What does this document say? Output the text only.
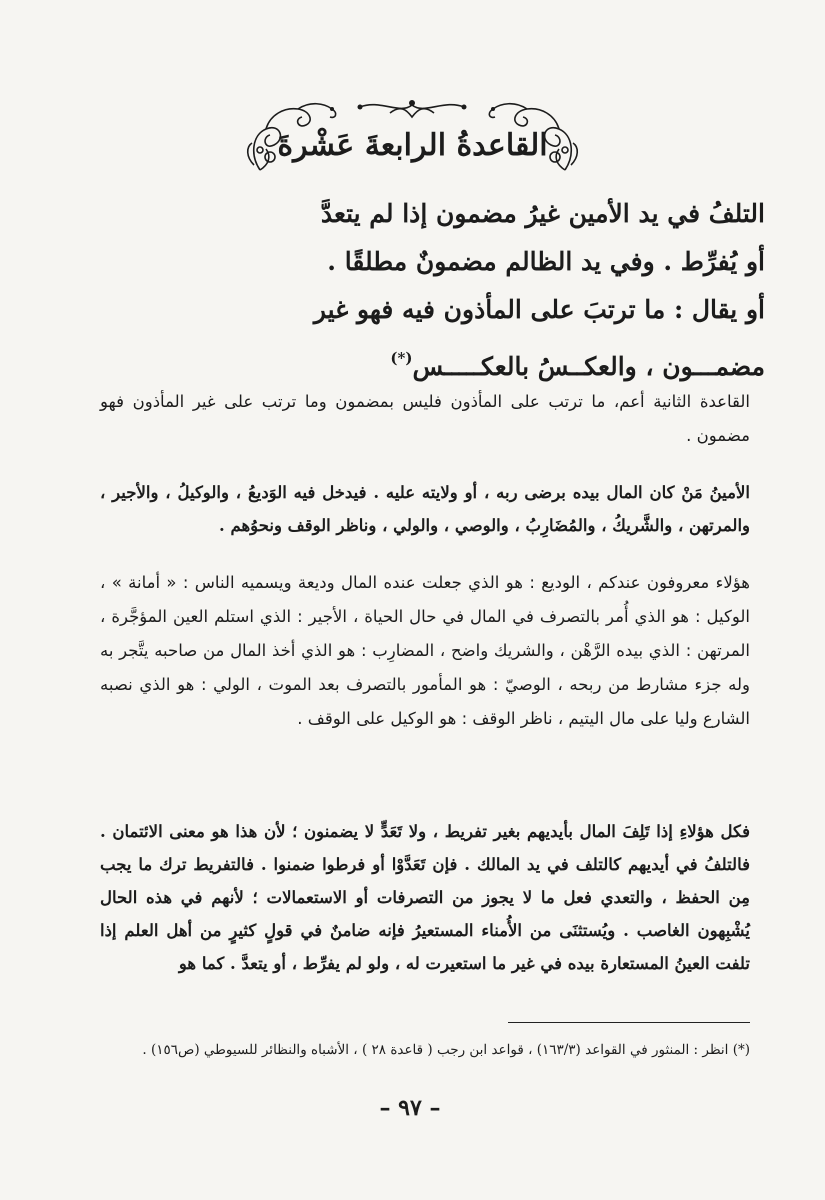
القاعدةُ الرابعةَ عَشْرةَ
التلفُ في يد الأمين غيرُ مضمون إذا لم يتعدَّ
أو يُفرِّط . وفي يد الظالم مضمونٌ مطلقًا .
أو يقال : ما ترتبَ على المأذون فيه فهو غير
مضمـــون ، والعكــسُ بالعكـــــس(*)
القاعدة الثانية أعم، ما ترتب على المأذون فليس بمضمون وما ترتب على غير المأذون فهو مضمون .
الأمينُ مَنْ كان المال بيده برضى ربه ، أو ولايته عليه . فيدخل فيه الوَديعُ ، والوكيلُ ، والأجير ، والمرتهن ، والشَّريكُ ، والمُضَارِبُ ، والوصي ، والولي ، وناظر الوقف ونحوُهم .
هؤلاء معروفون عندكم ، الوديع : هو الذي جعلت عنده المال وديعة ويسميه الناس : « أمانة » ، الوكيل : هو الذي أُمر بالتصرف في المال في حال الحياة ، الأجير : الذي استلم العين المؤجَّرة ، المرتهن : الذي بيده الرَّهْن ، والشريك واضح ، المضارِب : هو الذي أخذ المال من صاحبه يتَّجر به وله جزء مشارط من ربحه ، الوصيّ : هو المأمور بالتصرف بعد الموت ، الولي : هو الذي نصبه الشارع وليا على مال اليتيم ، ناظر الوقف : هو الوكيل على الوقف .
فكل هؤلاءِ إذا تَلِفَ المال بأيديهم بغير تفريط ، ولا تَعَدٍّ لا يضمنون ؛ لأن هذا هو معنى الائتمان . فالتلفُ في أيديهم كالتلف في يد المالك . فإن تَعَدَّوْا أو فرطوا ضمنوا . فالتفريط ترك ما يجب مِن الحفظ ، والتعدي فعل ما لا يجوز من التصرفات أو الاستعمالات ؛ لأنهم في هذه الحال يُشْبِهون الغاصب . ويُستثنَى من الأُمناء المستعيرُ فإنه ضامنٌ في قولٍ كثيرٍ من أهل العلم إذا تلفت العينُ المستعارة بيده في غير ما استعيرت له ، ولو لم يفرِّط ، أو يتعدَّ . كما هو
(*) انظر : المنثور في القواعد (١٦٣/٣) ، قواعد ابن رجب ( قاعدة ٢٨ ) ، الأشباه والنظائر للسيوطي (ص١٥٦) .
– ٩٧ –
